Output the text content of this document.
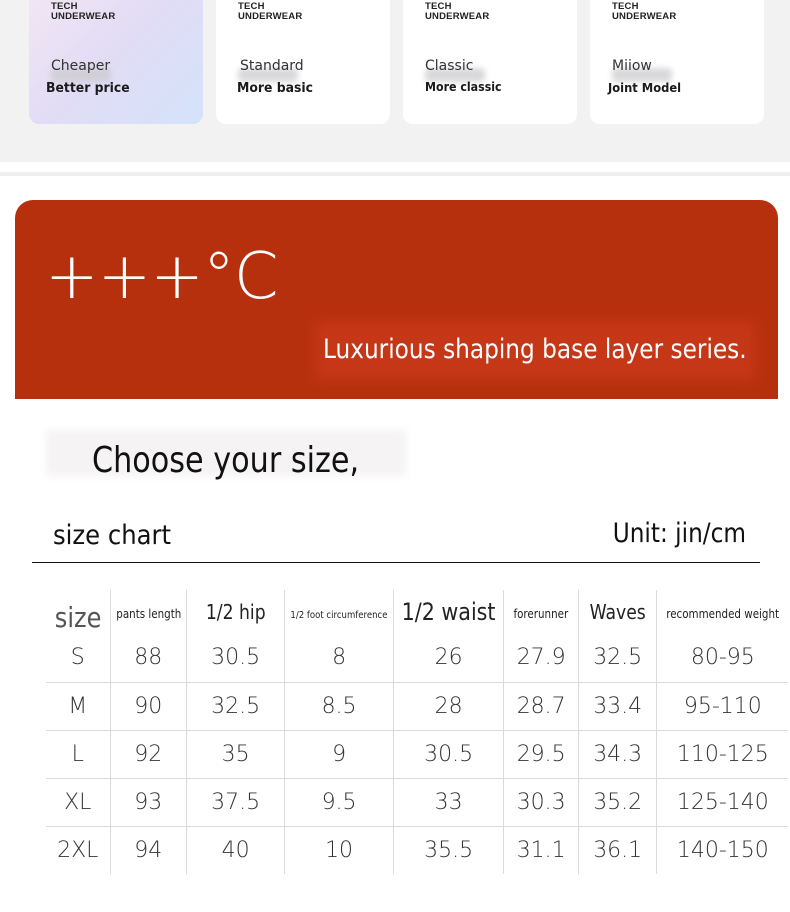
TECH
UNDERWEAR
Cheaper
Better price
TECH
UNDERWEAR
Standard
More basic
TECH
UNDERWEAR
Classic
More classic
TECH
UNDERWEAR
Miiow
Joint Model
+++°C
Luxurious shaping base layer series.
Choose your size,
size chart	Unit: jin/cm
size	pants length	1/2 hip	1/2 foot circumference	1/2 waist	forerunner	Waves	recommended weight
S	88	30.5	8	26	27.9	32.5	80-95
M	90	32.5	8.5	28	28.7	33.4	95-110
L	92	35	9	30.5	29.5	34.3	110-125
XL	93	37.5	9.5	33	30.3	35.2	125-140
2XL	94	40	10	35.5	31.1	36.1	140-150
